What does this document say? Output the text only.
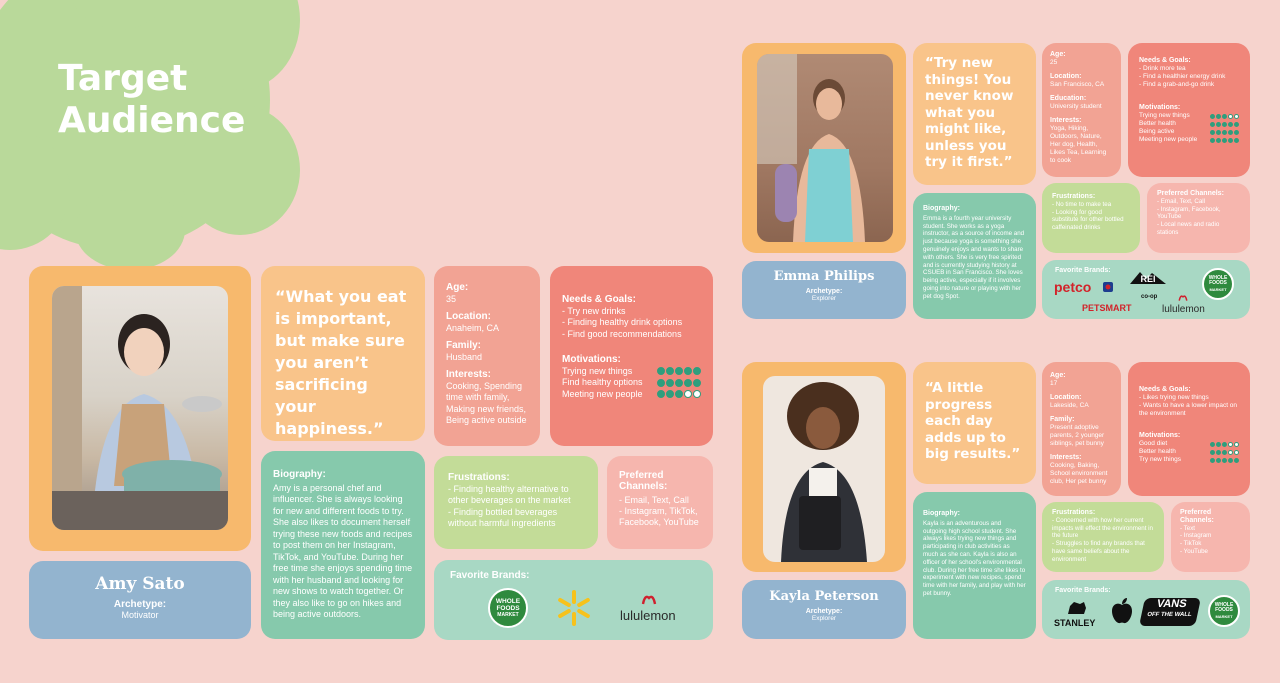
Target
Audience
“What you eat is important, but make sure you aren’t sacrificing your happiness.”
Age:
35
Location:
Anaheim, CA
Family:
Husband
Interests:
Cooking, Spending time with family, Making new friends, Being active outside
Needs & Goals:
- Try new drinks
- Finding healthy drink options
- Find good recommendations
Motivations:
Trying new things
Find healthy options
Meeting new people
Amy Sato
Archetype:
Motivator
Biography:
Amy is a personal chef and influencer. She is always looking for new and different foods to try. She also likes to document herself trying these new foods and recipes to post them on her Instagram, TikTok, and YouTube. During her free time she enjoys spending time with her husband and looking for new shows to watch together. Or they also like to go on hikes and being active outdoors.
Frustrations:
- Finding healthy alternative to other beverages on the market
- Finding bottled beverages without harmful ingredients
Preferred Channels:
- Email, Text, Call
- Instagram, TikTok, Facebook, YouTube
Favorite Brands:
WHOLE FOODS
MARKET	lululemon
“Try new things! You never know what you might like, unless you try it first.”
Age:
25
Location:
San Francisco, CA
Education:
University student
Interests:
Yoga, Hiking, Outdoors, Nature, Her dog, Health, Likes Tea, Learning to cook
Needs & Goals:
- Drink more tea
- Find a healthier energy drink
- Find a grab-and-go drink
Motivations:
Trying new things
Better health
Being active
Meeting new people
Emma Philips
Archetype:
Explorer
Biography:
Emma is a fourth year university student. She works as a yoga instructor, as a source of income and just because yoga is something she genuinely enjoys and wants to share with others. She is very free spirited and is currently studying history at CSUEB in San Francisco. She loves being active, especially if it involves going into nature or playing with her pet dog Spot.
Frustrations:
- No time to make tea
- Looking for good substitute for other bottled caffeinated drinks
Preferred Channels:
- Email, Text, Call
- Instagram, Facebook, YouTube
- Local news and radio stations
Favorite Brands:
petco
PETSMART
REI
co-op
lululemon
WHOLE FOODS
MARKET
“A little progress each day adds up to big results.”
Age:
17
Location:
Lakeside, CA
Family:
Present adoptive parents, 2 younger siblings, pet bunny
Interests:
Cooking, Baking, School environment club, Her pet bunny
Needs & Goals:
- Likes trying new things
- Wants to have a lower impact on the environment
Motivations:
Good diet
Better health
Try new things
Kayla Peterson
Archetype:
Explorer
Biography:
Kayla is an adventurous and outgoing high school student. She always likes trying new things and participating in club activities as much as she can. Kayla is also an officer of her school's environmental club. During her free time she likes to experiment with new recipes, spend time with her family, and play with her pet bunny.
Frustrations:
- Concerned with how her current impacts will effect the environment in the future
- Struggles to find any brands that have same beliefs about the environment
Preferred Channels:
- Text
- Instagram
- TikTok
- YouTube
Favorite Brands:
STANLEY
VANS
OFF THE WALL
WHOLE FOODS
MARKET
